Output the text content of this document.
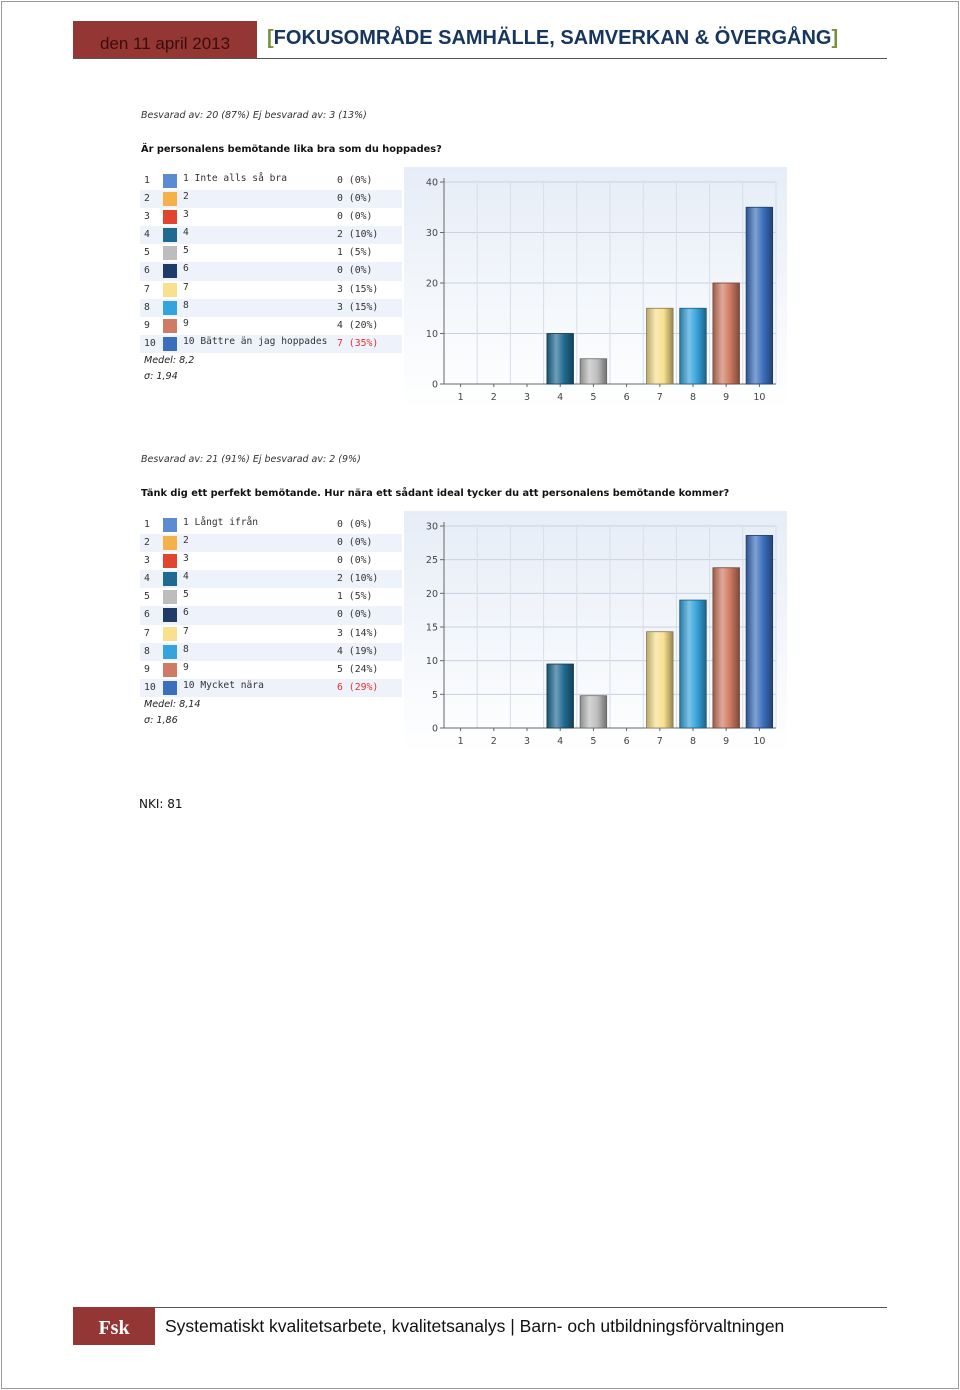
den 11 april 2013 [FOKUSOMRÅDE SAMHÄLLE, SAMVERKAN & ÖVERGÅNG]
Besvarad av: 20 (87%) Ej besvarad av: 3 (13%)
Är personalens bemötande lika bra som du hoppades?
1	1 Inte alls så bra	0 (0%)
2	2	0 (0%)
3	3	0 (0%)
4	4	2 (10%)
5	5	1 (5%)
6	6	0 (0%)
7	7	3 (15%)
8	8	3 (15%)
9	9	4 (20%)
10	10 Bättre än jag hoppades 7 (35%)
Medel: 8,2
σ: 1,94
0
10
20
30
40
1	2	3	4	5	6	7	8	9	10
Besvarad av: 21 (91%) Ej besvarad av: 2 (9%)
Tänk dig ett perfekt bemötande. Hur nära ett sådant ideal tycker du att personalens bemötande kommer?
1	1 Långt ifrån	0 (0%)
2	2	0 (0%)
3	3	0 (0%)
4	4	2 (10%)
5	5	1 (5%)
6	6	0 (0%)
7	7	3 (14%)
8	8	4 (19%)
9	9	5 (24%)
10	10 Mycket nära	6 (29%)
Medel: 8,14
σ: 1,86
0
5
10
15
20
25
30
1	2	3	4	5	6	7	8	9	10
NKI: 81
Fsk Systematiskt kvalitetsarbete, kvalitetsanalys | Barn- och utbildningsförvaltningen
